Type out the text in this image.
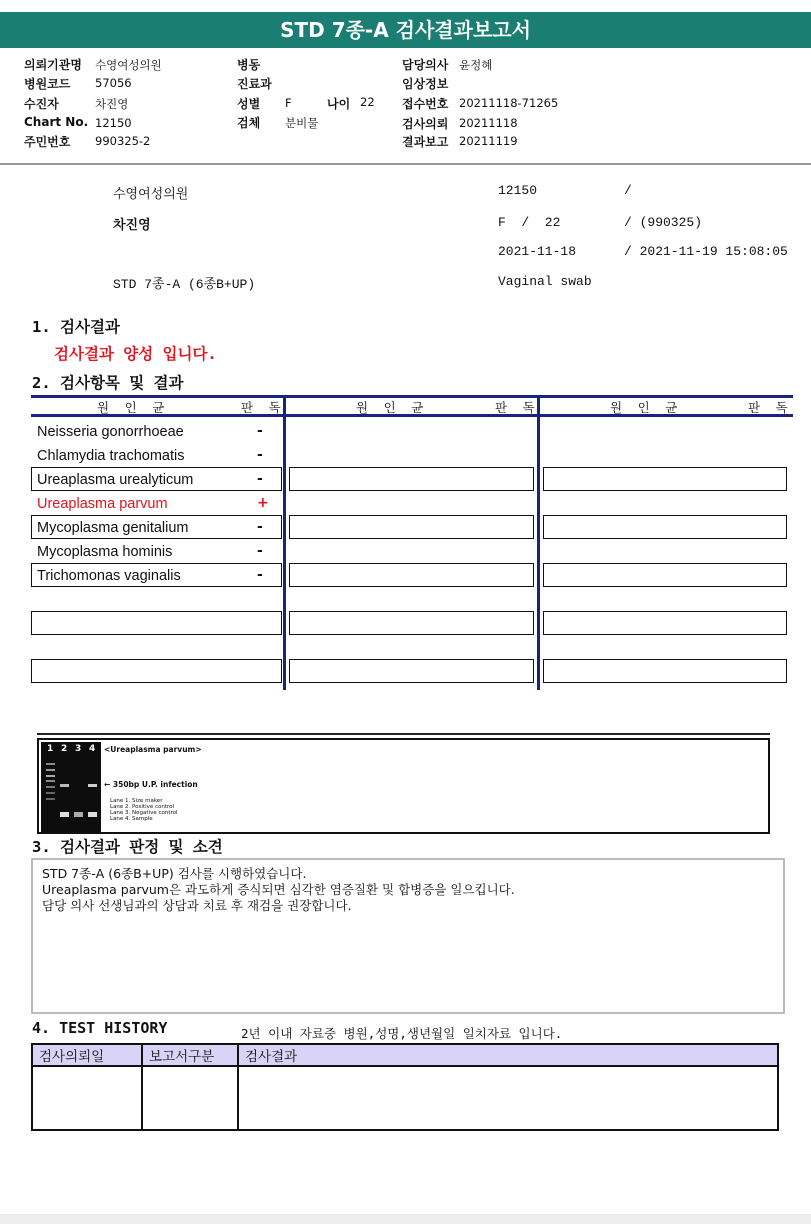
STD 7종-A 검사결과보고서
의뢰기관명 수영여성의원
병원코드 57056
수진자	차진영
Chart No. 12150
주민번호 990325-2
병동
진료과
성별 F
검체 분비물
담당의사 윤정혜
임상정보
접수번호 20211118-71265
검사의뢰 20211118
결과보고 20211119
나이 22
수영여성의원
차진영
STD 7종-A (6종B+UP)
12150	/
F  /  22	/ (990325)
2021-11-18	/ 2021-11-19 15:08:05
Vaginal swab
1. 검사결과
검사결과 양성 입니다.
2. 검사항목 및 결과
원 인 균	판 독	원 인 균	판 독	원 인 균	판 독
Neisseria gonorrhoeae	-
Chlamydia trachomatis	-
Ureaplasma urealyticum	-
Ureaplasma parvum	+
Mycoplasma genitalium	-
Mycoplasma hominis	-
Trichomonas vaginalis	-
1 2 3 4 <Ureaplasma parvum>
← 350bp U.P. infection
Lane 1. Size maker
Lane 2. Positive control
Lane 3. Negative control
Lane 4. Sample
3. 검사결과 판정 및 소견
STD 7종-A (6종B+UP) 검사를 시행하였습니다.
Ureaplasma parvum은 과도하게 증식되면 심각한 염증질환 및 합병증을 일으킵니다.
담당 의사 선생님과의 상담과 치료 후 재검을 권장합니다.
4. TEST HISTORY	2년 이내 자료중 병원,성명,생년월일 일치자료 입니다.
검사의뢰일	보고서구분	검사결과
